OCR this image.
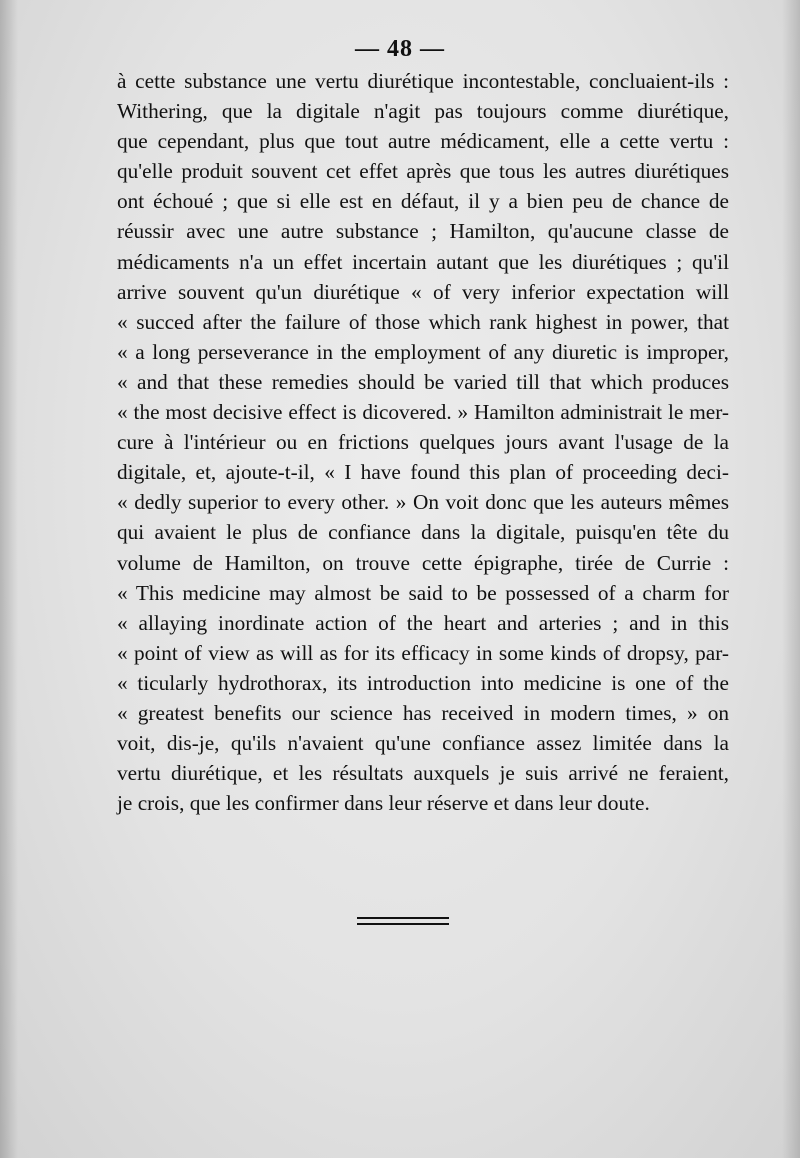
— 48 —
à cette substance une vertu diurétique incontestable, concluaient-ils :
Withering, que la digitale n'agit pas toujours comme diurétique,
que cependant, plus que tout autre médicament, elle a cette vertu :
qu'elle produit souvent cet effet après que tous les autres diurétiques
ont échoué ; que si elle est en défaut, il y a bien peu de chance de
réussir avec une autre substance ; Hamilton, qu'aucune classe de
médicaments n'a un effet incertain autant que les diurétiques ; qu'il
arrive souvent qu'un diurétique « of very inferior expectation will
« succed after the failure of those which rank highest in power, that
« a long perseverance in the employment of any diuretic is improper,
« and that these remedies should be varied till that which produces
« the most decisive effect is dicovered. » Hamilton administrait le mer-
cure à l'intérieur ou en frictions quelques jours avant l'usage de la
digitale, et, ajoute-t-il, « I have found this plan of proceeding deci-
« dedly superior to every other. » On voit donc que les auteurs mêmes
qui avaient le plus de confiance dans la digitale, puisqu'en tête du
volume de Hamilton, on trouve cette épigraphe, tirée de Currie :
« This medicine may almost be said to be possessed of a charm for
« allaying inordinate action of the heart and arteries ; and in this
« point of view as will as for its efficacy in some kinds of dropsy, par-
« ticularly hydrothorax, its introduction into medicine is one of the
« greatest benefits our science has received in modern times, » on
voit, dis-je, qu'ils n'avaient qu'une confiance assez limitée dans la
vertu diurétique, et les résultats auxquels je suis arrivé ne feraient,
je crois, que les confirmer dans leur réserve et dans leur doute.
